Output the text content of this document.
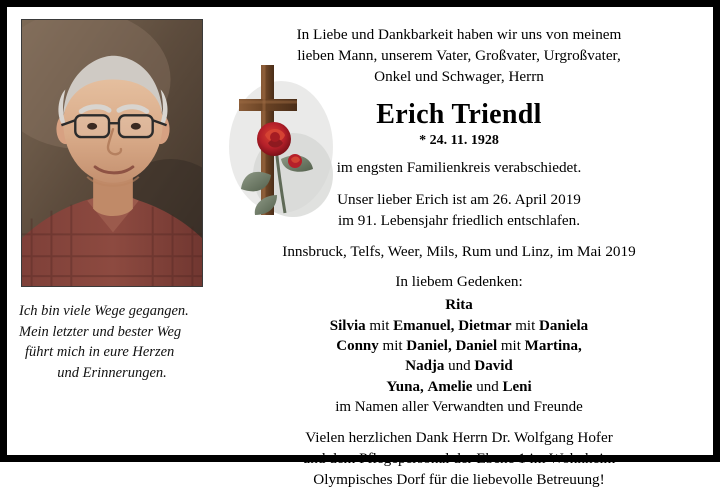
Ich bin viele Wege gegangen.
Mein letzter und bester Weg
führt mich in eure Herzen
und Erinnerungen.
In Liebe und Dankbarkeit haben wir uns von meinem
lieben Mann, unserem Vater, Großvater, Urgroßvater,
Onkel und Schwager, Herrn
Erich Triendl
* 24. 11. 1928
im engsten Familienkreis verabschiedet.
Unser lieber Erich ist am 26. April 2019
im 91. Lebensjahr friedlich entschlafen.
Innsbruck, Telfs, Weer, Mils, Rum und Linz, im Mai 2019
In liebem Gedenken:
Rita
Silvia mit Emanuel, Dietmar mit Daniela
Conny mit Daniel, Daniel mit Martina,
Nadja und David
Yuna, Amelie und Leni
im Namen aller Verwandten und Freunde
Vielen herzlichen Dank Herrn Dr. Wolfgang Hofer
und dem Pflegepersonal der Ebene 1 im Wohnheim
Olympisches Dorf für die liebevolle Betreuung!
